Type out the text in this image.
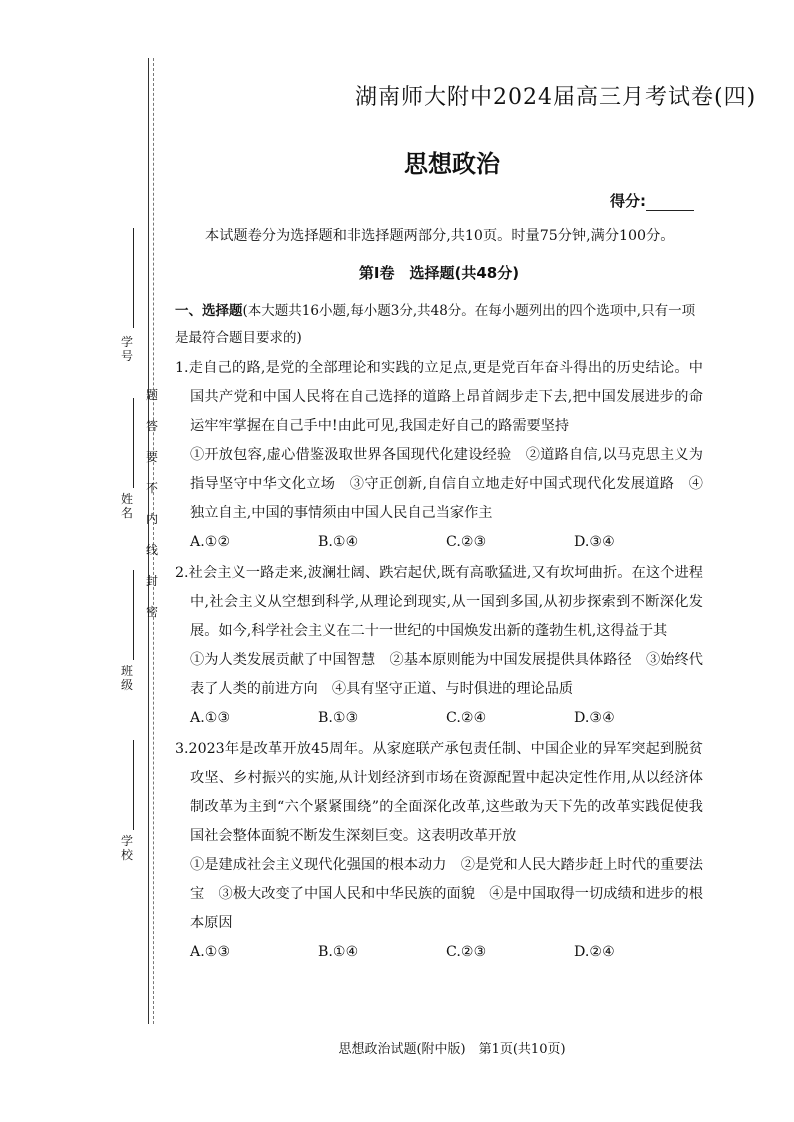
题
答
要
不
内
线
封
密
学号
姓名
班级
学校
湖南师大附中2024届高三月考试卷(四)
思想政治
得分:
本试题卷分为选择题和非选择题两部分,共10页。时量75分钟,满分100分。
第Ⅰ卷　选择题(共48分)
一、选择题(本大题共16小题,每小题3分,共48分。在每小题列出的四个选项中,只有一项是最符合题目要求的)
1.走自己的路,是党的全部理论和实践的立足点,更是党百年奋斗得出的历史结论。中国共产党和中国人民将在自己选择的道路上昂首阔步走下去,把中国发展进步的命运牢牢掌握在自己手中!由此可见,我国走好自己的路需要坚持
①开放包容,虚心借鉴汲取世界各国现代化建设经验　②道路自信,以马克思主义为指导坚守中华文化立场　③守正创新,自信自立地走好中国式现代化发展道路　④独立自主,中国的事情须由中国人民自己当家作主
A.①②	B.①④	C.②③	D.③④
2.社会主义一路走来,波澜壮阔、跌宕起伏,既有高歌猛进,又有坎坷曲折。在这个进程中,社会主义从空想到科学,从理论到现实,从一国到多国,从初步探索到不断深化发展。如今,科学社会主义在二十一世纪的中国焕发出新的蓬勃生机,这得益于其
①为人类发展贡献了中国智慧　②基本原则能为中国发展提供具体路径　③始终代表了人类的前进方向　④具有坚守正道、与时俱进的理论品质
A.①③	B.①③	C.②④	D.③④
3.2023年是改革开放45周年。从家庭联产承包责任制、中国企业的异军突起到脱贫攻坚、乡村振兴的实施,从计划经济到市场在资源配置中起决定性作用,从以经济体制改革为主到“六个紧紧围绕”的全面深化改革,这些敢为天下先的改革实践促使我国社会整体面貌不断发生深刻巨变。这表明改革开放
①是建成社会主义现代化强国的根本动力　②是党和人民大踏步赶上时代的重要法宝　③极大改变了中国人民和中华民族的面貌　④是中国取得一切成绩和进步的根本原因
A.①③	B.①④	C.②③	D.②④
思想政治试题(附中版)　第1页(共10页)
